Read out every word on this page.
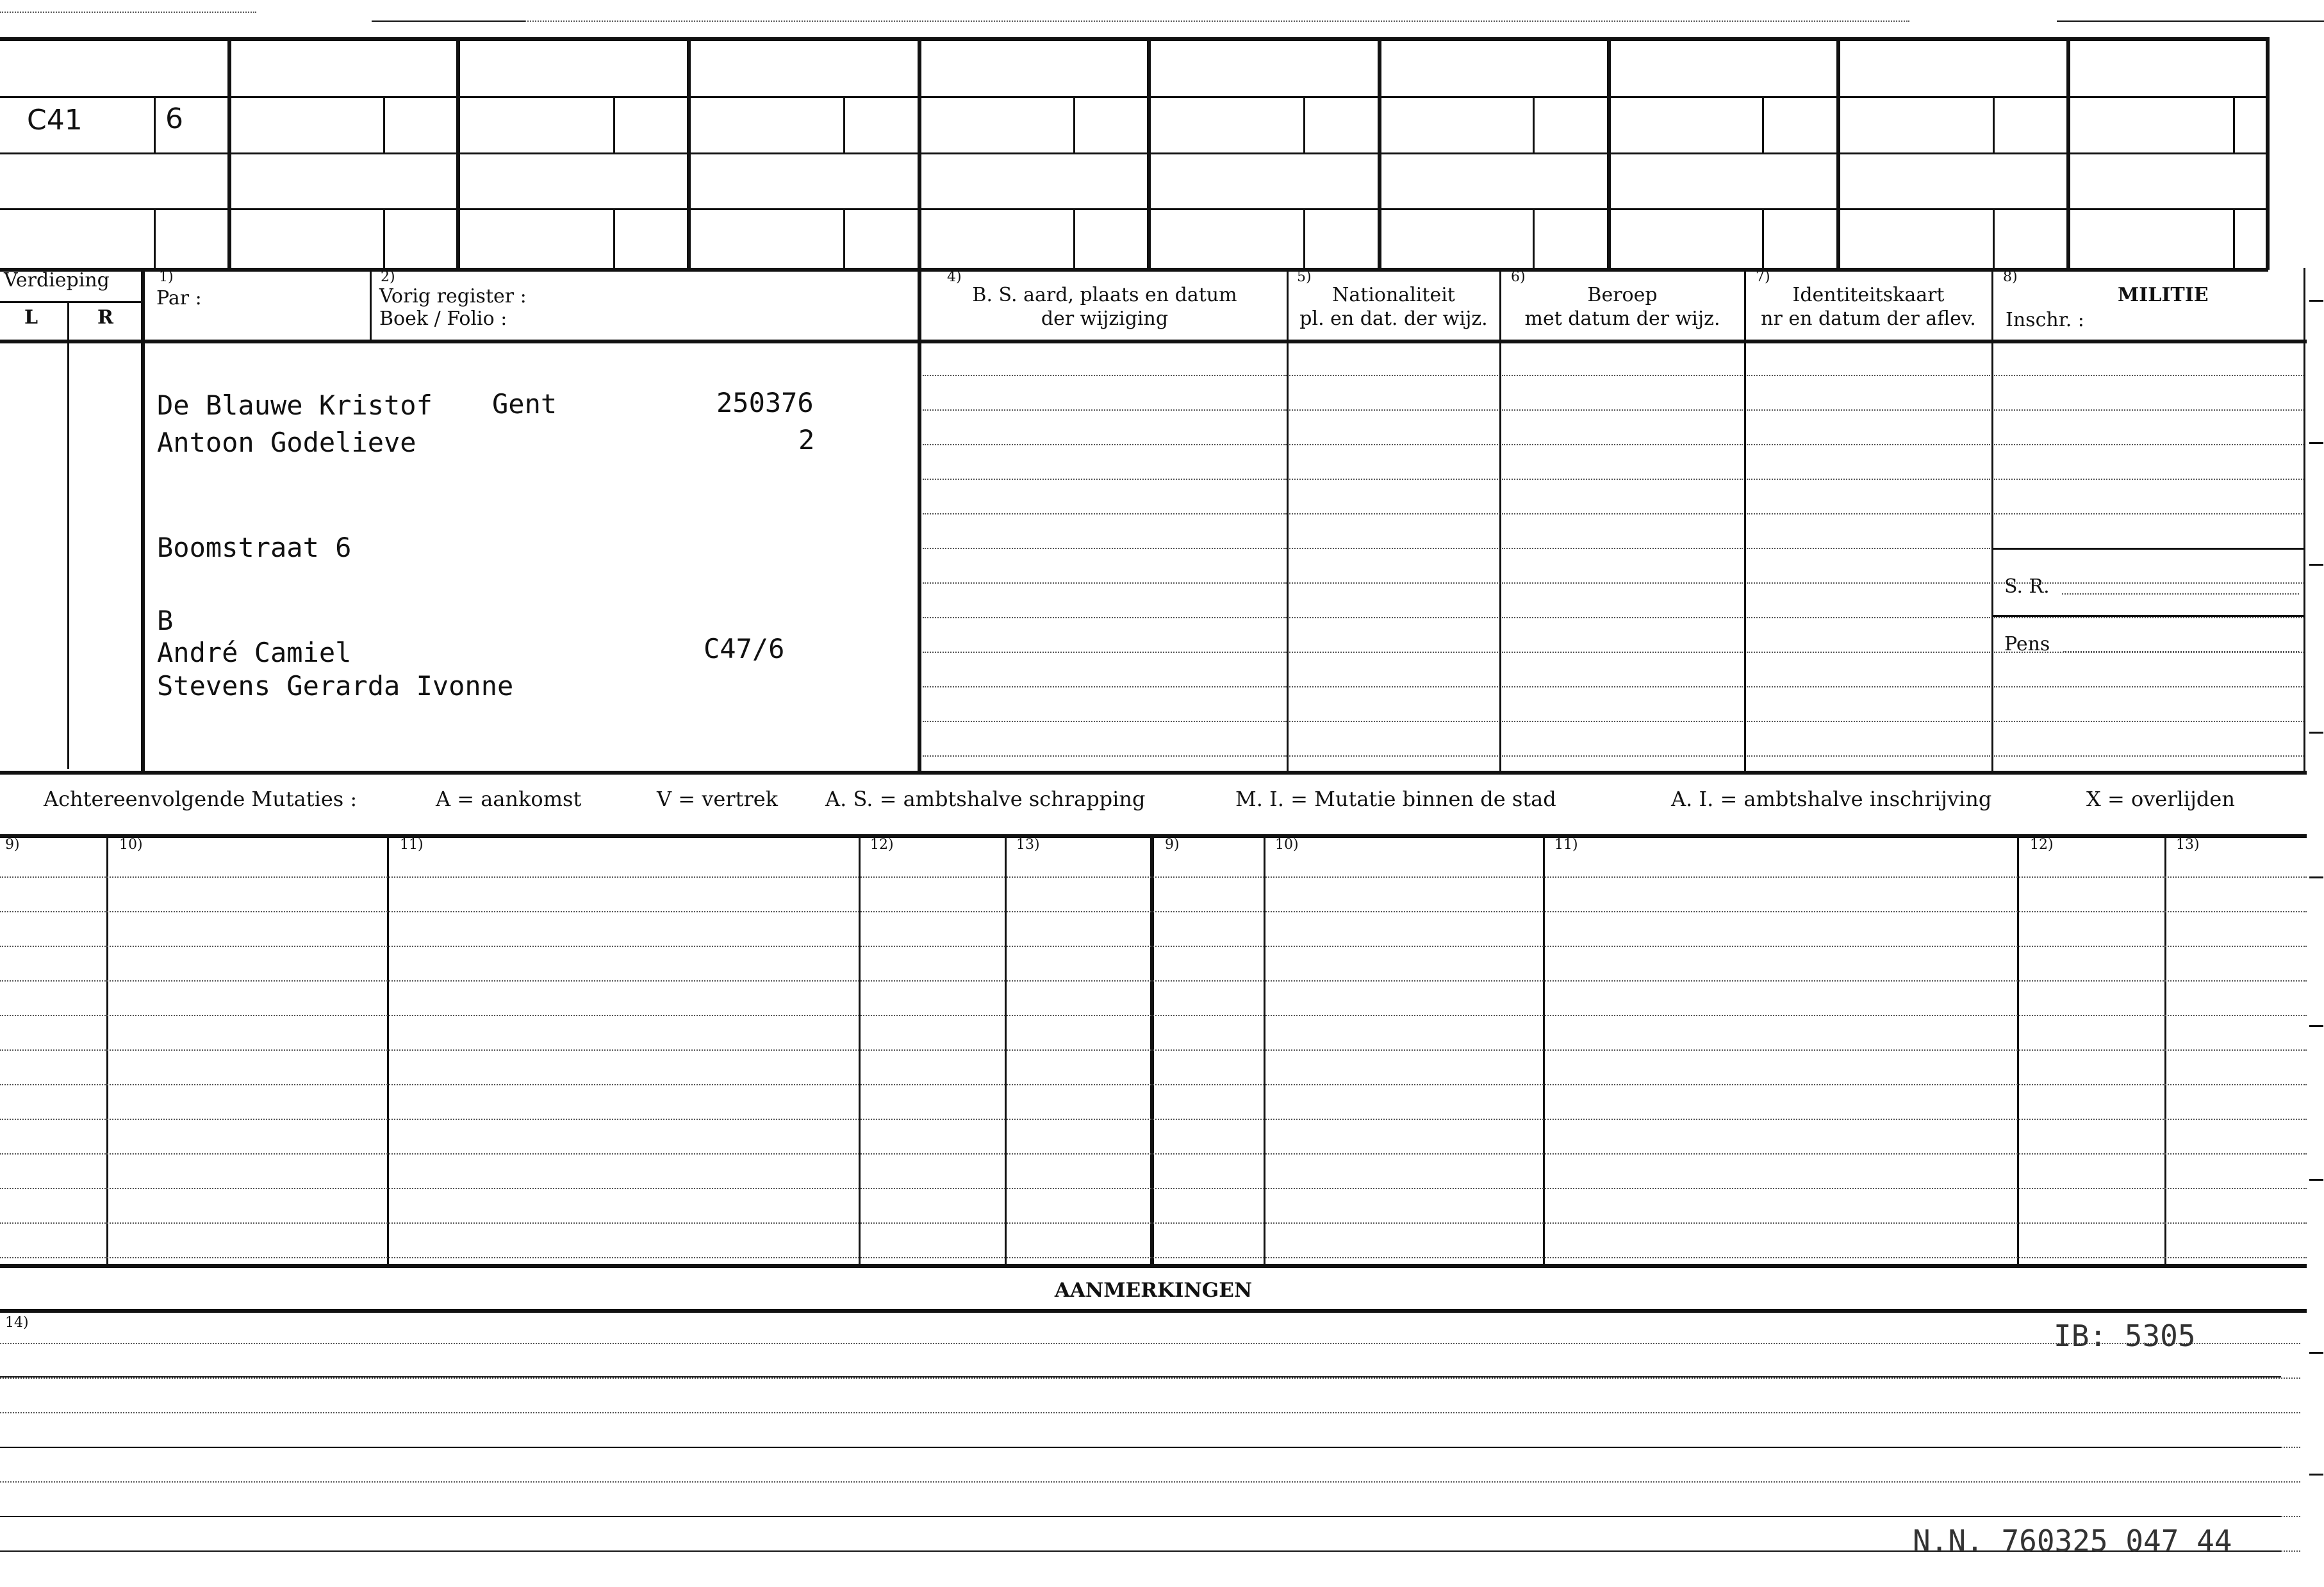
C41	6
Verdieping
L	R
1)
Par :
2)
Vorig register :
Boek / Folio :
4)
B. S. aard, plaats en datum
der wijziging
5)
Nationaliteit
pl. en dat. der wijz.
6)
Beroep
met datum der wijz.
7)
Identiteitskaart
nr en datum der aflev.
8)
MILITIE
Inschr. :
S. R.
Pens
De Blauwe Kristof Gent	250376
Antoon Godelieve	2
Boomstraat 6
B
André Camiel	C47/6
Stevens Gerarda Ivonne
Achtereenvolgende Mutaties :	A = aankomst	V = vertrek A. S. = ambtshalve schrapping	M. I. = Mutatie binnen de stad	A. I. = ambtshalve inschrijving	X = overlijden
9)	10)	11)	12)	13)	9)	10)	11)	12)	13)
AANMERKINGEN
14)	IB: 5305
N.N. 760325 047 44
